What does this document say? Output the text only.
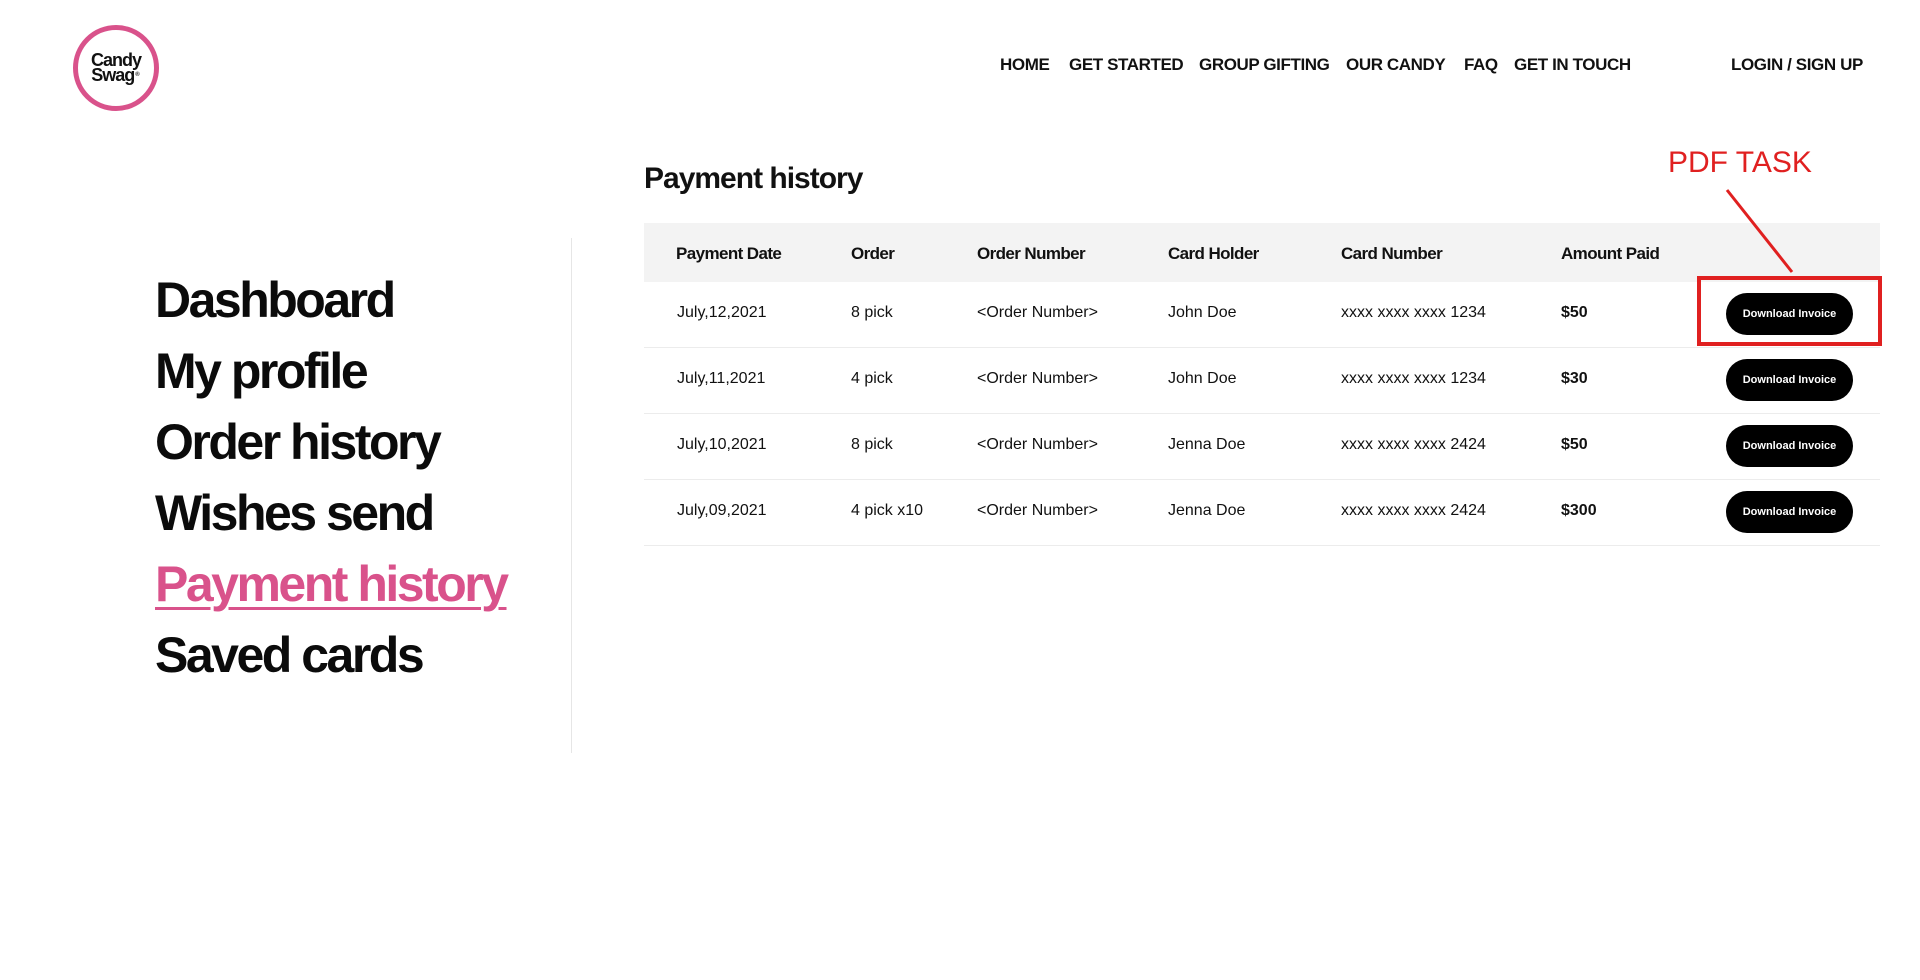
Candy
Swag®
HOME GET STARTED GROUP GIFTING OUR CANDY FAQ GET IN TOUCH	LOGIN / SIGN UP
Dashboard
My profile
Order history
Wishes send
Payment history
Saved cards
Payment history
Payment Date	Order	Order Number	Card Holder	Card Number	Amount Paid
July,12,2021	8 pick	<Order Number>	John Doe	xxxx xxxx xxxx 1234	$50	Download Invoice
July,11,2021	4 pick	<Order Number>	John Doe	xxxx xxxx xxxx 1234	$30	Download Invoice
July,10,2021	8 pick	<Order Number>	Jenna Doe	xxxx xxxx xxxx 2424	$50	Download Invoice
July,09,2021	4 pick x10	<Order Number>	Jenna Doe	xxxx xxxx xxxx 2424	$300	Download Invoice
PDF TASK
